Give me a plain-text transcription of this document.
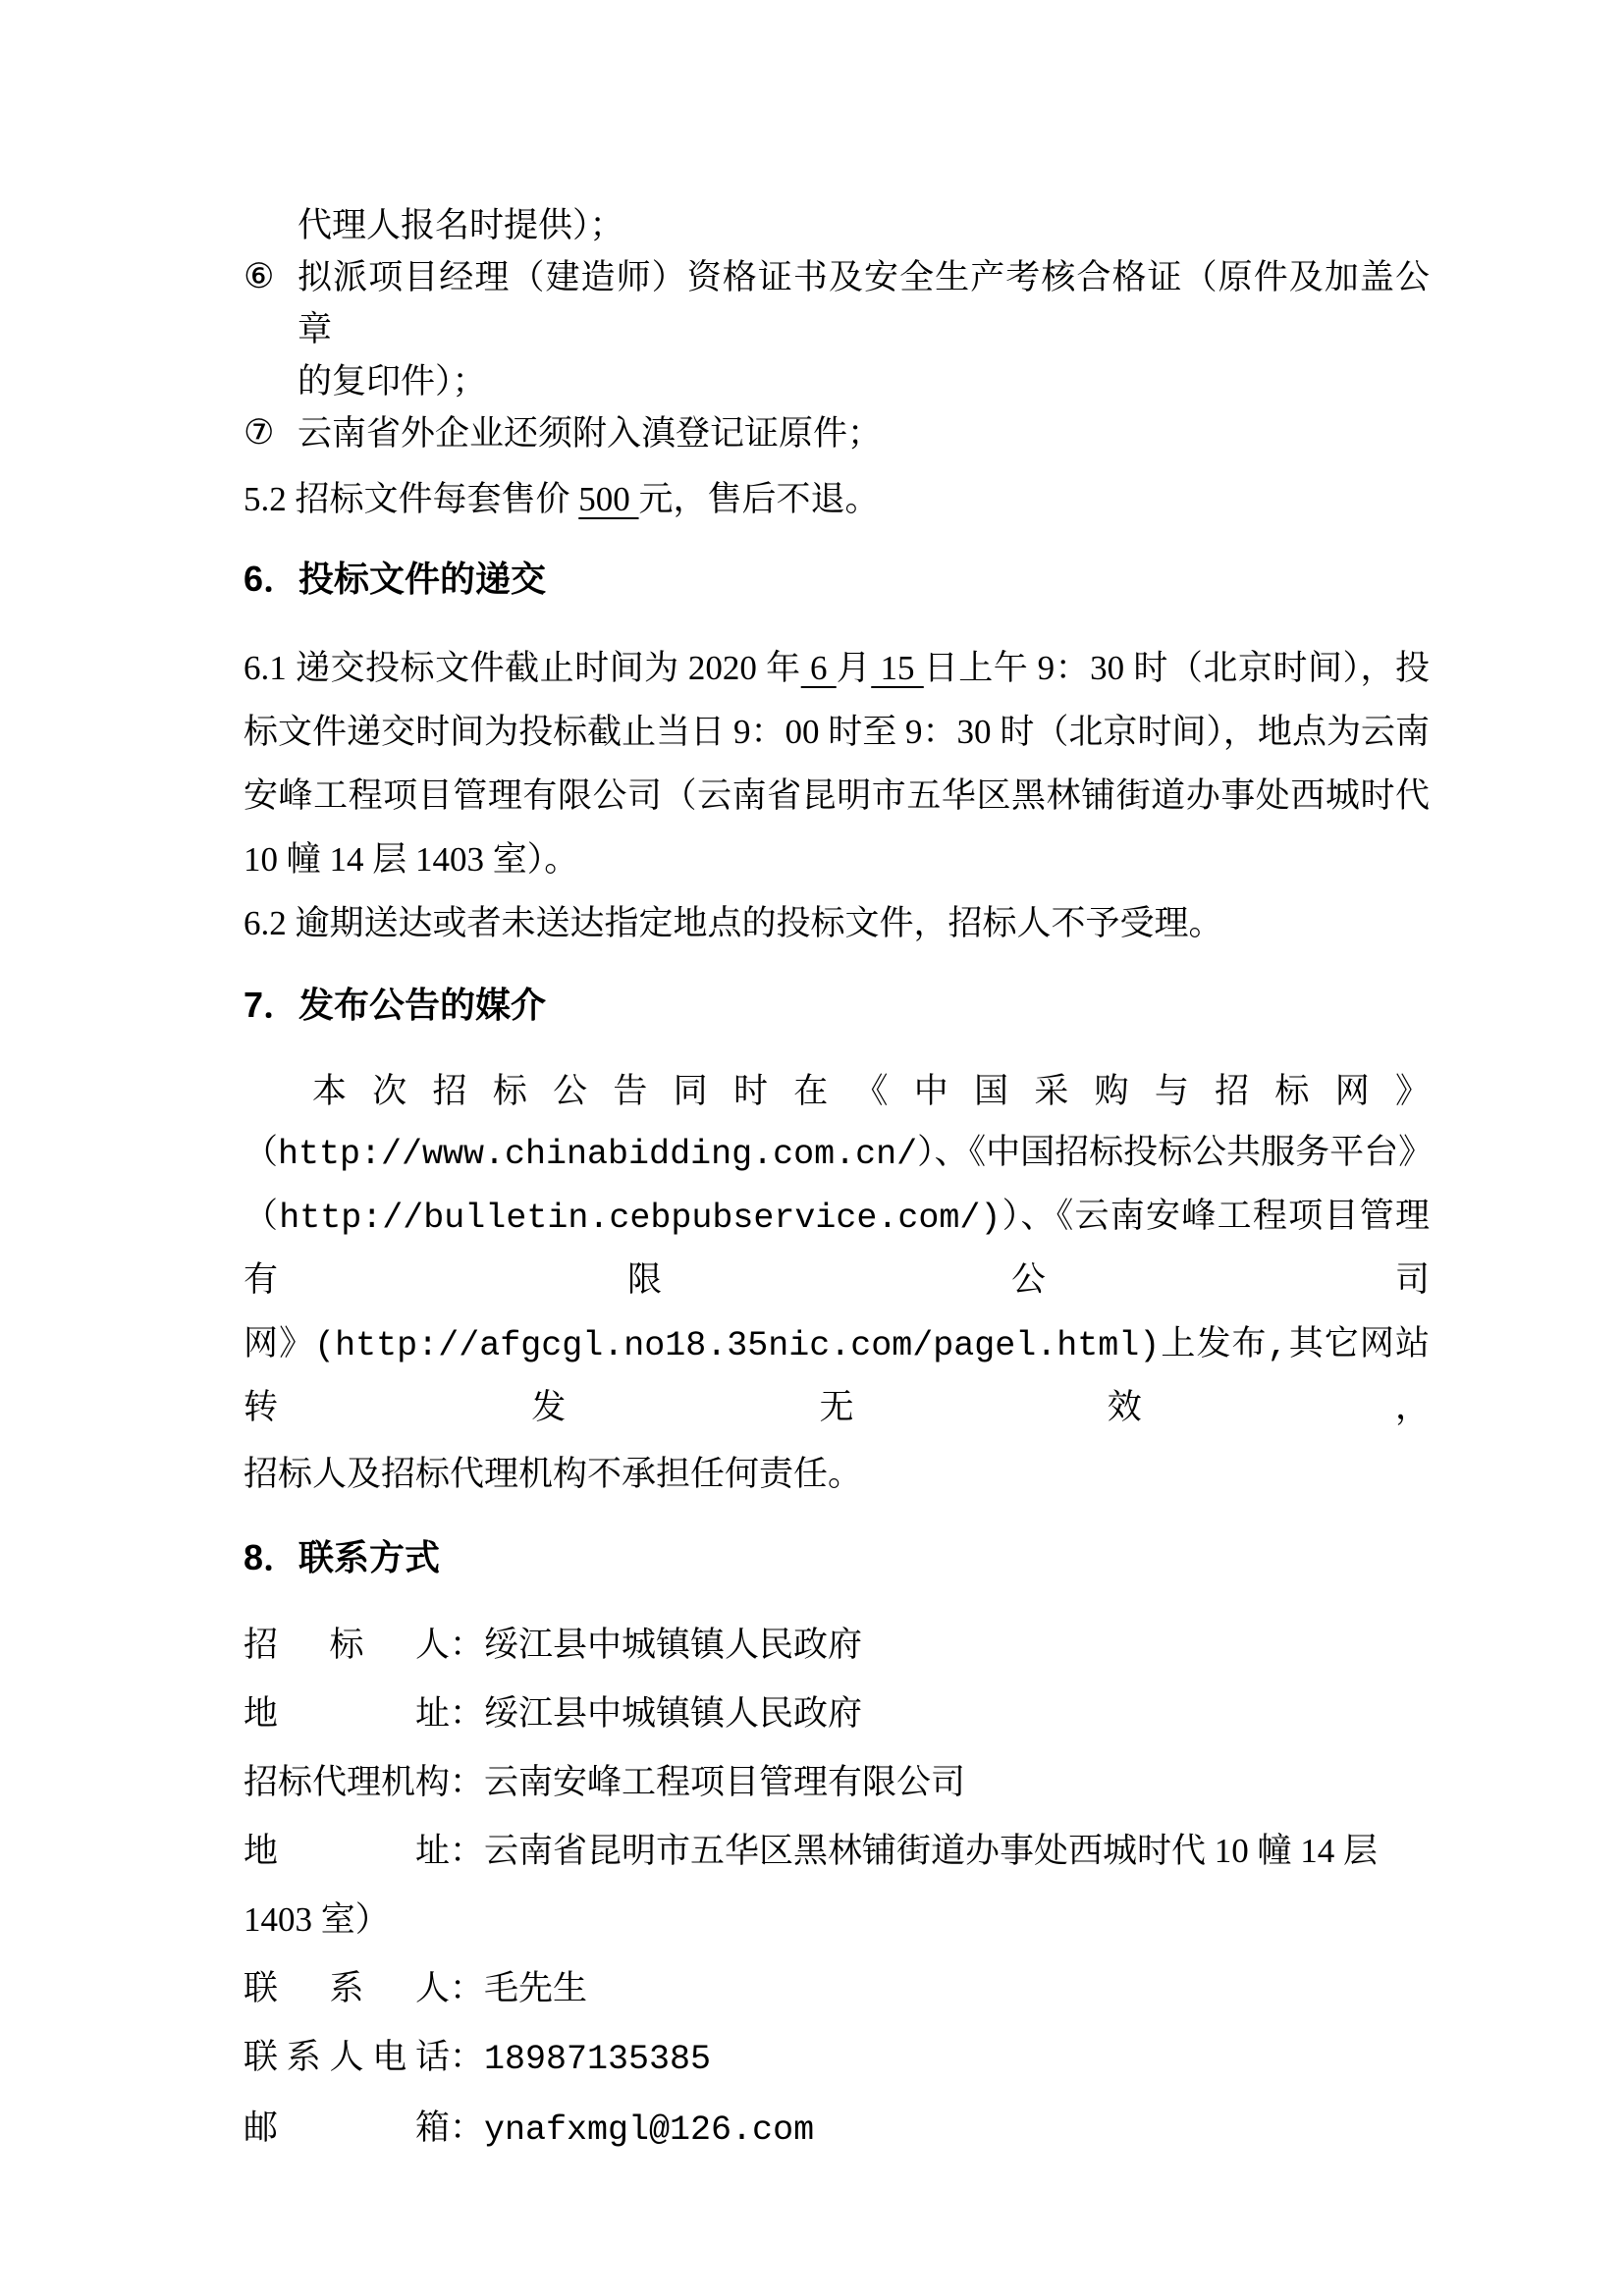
代理人报名时提供）；
⑥ 拟派项目经理（建造师）资格证书及安全生产考核合格证（原件及加盖公章
的复印件）；
⑦ 云南省外企业还须附入滇登记证原件；
5.2 招标文件每套售价 500 元，售后不退。
6．投标文件的递交
6.1 递交投标文件截止时间为 2020 年 6 月 15 日上午 9：30 时（北京时间），投
标文件递交时间为投标截止当日 9：00 时至 9：30 时（北京时间），地点为云南
安峰工程项目管理有限公司（云南省昆明市五华区黑林铺街道办事处西城时代
10 幢 14 层 1403 室）。
6.2 逾期送达或者未送达指定地点的投标文件，招标人不予受理。
7．发布公告的媒介
本次招标公告同时在《中国采购与招标网》
（http://www.chinabidding.com.cn/）、《中国招标投标公共服务平台》
（http://bulletin.cebpubservice.com/)）、《云南安峰工程项目管理有限公司
网》(http://afgcgl.no18.35nic.com/pagel.html)上发布,其它网站转发无效，
招标人及招标代理机构不承担任何责任。
8．联系方式
招标人：绥江县中城镇镇人民政府
地址：绥江县中城镇镇人民政府
招标代理机构：云南安峰工程项目管理有限公司
地址：云南省昆明市五华区黑林铺街道办事处西城时代 10 幢 14 层
1403 室）
联系人：毛先生
联系人电话：18987135385
邮箱：ynafxmgl@126.com
